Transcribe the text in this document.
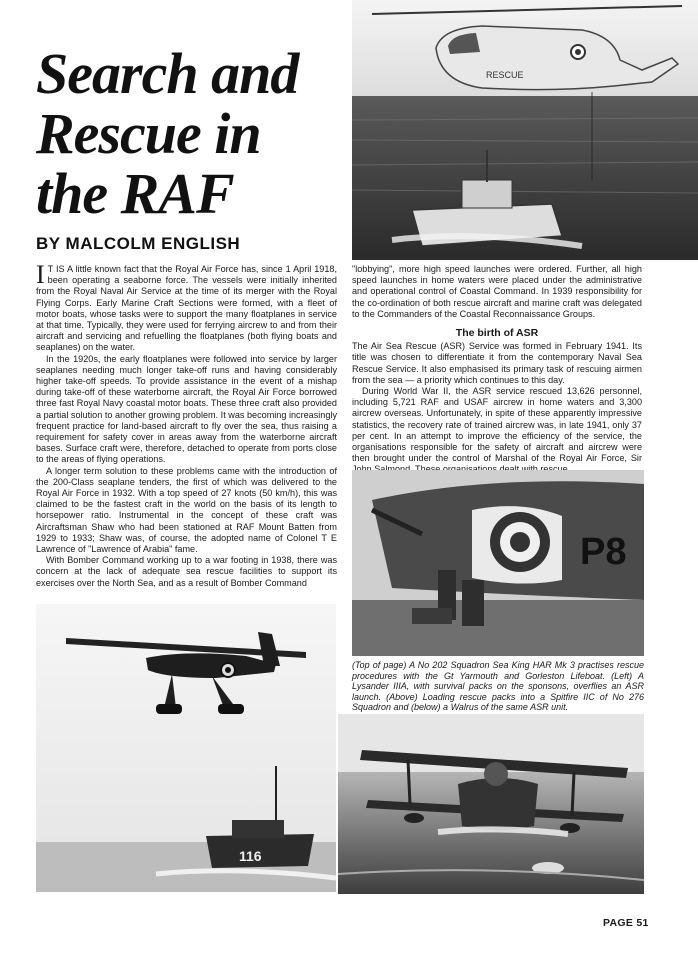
Search and
Rescue in
the RAF
BY MALCOLM ENGLISH

I T IS A little known fact that the Royal Air Force has, since 1 April 1918, been operating a seaborne force. The vessels were initially inherited from the Royal Naval Air Service at the time of its merger with the Royal Flying Corps. Early Marine Craft Sections were formed, with a fleet of motor boats, whose tasks were to support the many floatplanes in service at that time. Typically, they were used for ferrying aircrew to and from their aircraft and servicing and refuelling the floatplanes (both flying boats and seaplanes) on the water.

In the 1920s, the early floatplanes were followed into service by larger seaplanes needing much longer take-off runs and having considerably higher take-off speeds. To provide assistance in the event of a mishap during take-off of these waterborne aircraft, the Royal Air Force borrowed three fast Royal Navy coastal motor boats. These three craft also provided a partial solution to another growing problem. It was becoming increasingly frequent practice for land-based aircraft to fly over the sea, thus raising a requirement for safety cover in areas away from the waterborne aircraft bases. Surface craft were, therefore, detached to operate from ports close to the areas of flying operations.

A longer term solution to these problems came with the introduction of the 200-Class seaplane tenders, the first of which was delivered to the Royal Air Force in 1932. With a top speed of 27 knots (50 km/h), this was claimed to be the fastest craft in the world on the basis of its length to horsepower ratio. Instrumental in the concept of these craft was Aircraftsman Shaw who had been stationed at RAF Mount Batten from 1929 to 1933; Shaw was, of course, the adopted name of Colonel T E Lawrence of "Lawrence of Arabia" fame.

With Bomber Command working up to a war footing in 1938, there was concern at the lack of adequate sea rescue facilities to support its exercises over the North Sea, and as a result of Bomber Command

"lobbying", more high speed launches were ordered. Further, all high speed launches in home waters were placed under the administrative and operational control of Coastal Command. In 1939 responsibility for the co-ordination of both rescue aircraft and marine craft was delegated to the Commanders of the Coastal Reconnaissance Groups.

The birth of ASR

The Air Sea Rescue (ASR) Service was formed in February 1941. Its title was chosen to differentiate it from the contemporary Naval Sea Rescue Service. It also emphasised its primary task of rescuing airmen from the sea — a priority which continues to this day.

During World War II, the ASR service rescued 13,626 personnel, including 5,721 RAF and USAF aircrew in home waters and 3,300 aircrew overseas. Unfortunately, in spite of these apparently impressive statistics, the recovery rate of trained aircrew was, in late 1941, only 37 per cent. In an attempt to improve the efficiency of the service, the organisations responsible for the safety of aircraft and aircrew were then brought under the control of Marshal of the Royal Air Force, Sir

RESCUE
116
P8
(Top of page) A No 202 Squadron Sea King HAR Mk 3 practises rescue procedures with the Gt Yarmouth and Gorleston Lifeboat. (Left) A Lysander IIIA, with survival packs on the sponsons, overflies an ASR launch. (Above) Loading rescue packs into a Spitfire IIC of No 276 Squadron and (below) a Walrus of the same ASR unit.
PAGE 51
